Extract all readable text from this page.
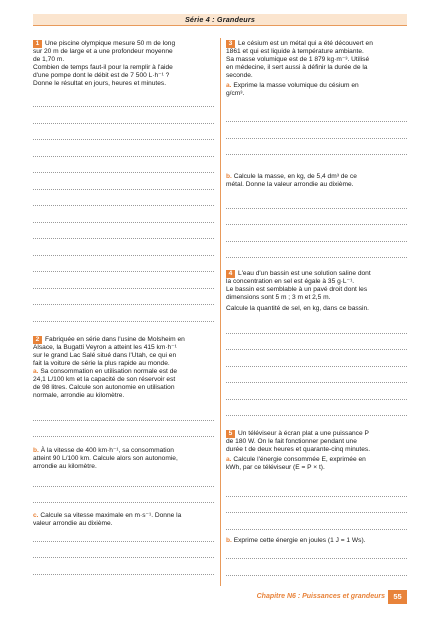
Série 4 : Grandeurs

1 Une piscine olympique mesure 50 m de long

sur 20 m de large et a une profondeur moyenne

de 1,70 m.

Combien de temps faut-il pour la remplir à l'aide

d'une pompe dont le débit est de 7 500 L·h⁻¹ ?

Donne le résultat en jours, heures et minutes.

2 Fabriquée en série dans l'usine de Molsheim en

Alsace, la Bugatti Veyron a atteint les 415 km·h⁻¹

sur le grand Lac Salé situé dans l'Utah, ce qui en

fait la voiture de série la plus rapide au monde.

a. Sa consommation en utilisation normale est de

24,1 L/100 km et la capacité de son réservoir est

de 98 litres. Calcule son autonomie en utilisation

normale, arrondie au kilomètre.

b. À la vitesse de 400 km·h⁻¹, sa consommation

atteint 90 L/100 km. Calcule alors son autonomie,

arrondie au kilomètre.

c. Calcule sa vitesse maximale en m·s⁻¹. Donne la

valeur arrondie au dixième.

3 Le césium est un métal qui a été découvert en

1861 et qui est liquide à température ambiante.

Sa masse volumique est de 1 879 kg·m⁻³. Utilisé

en médecine, il sert aussi à définir la durée de la

seconde.

a. Exprime la masse volumique du césium en

g/cm³.

b. Calcule la masse, en kg, de 5,4 dm³ de ce

métal. Donne la valeur arrondie au dixième.

4 L'eau d'un bassin est une solution saline dont

la concentration en sel est égale à 35 g·L⁻¹.

Le bassin est semblable à un pavé droit dont les

dimensions sont 5 m ; 3 m et 2,5 m.

Calcule la quantité de sel, en kg, dans ce bassin.

5 Un téléviseur à écran plat a une puissance P

de 180 W. On le fait fonctionner pendant une

durée t de deux heures et quarante-cinq minutes.

a. Calcule l'énergie consommée E, exprimée en

kWh, par ce téléviseur (E = P × t).

b. Exprime cette énergie en joules (1 J = 1 Ws).

Chapitre N6 : Puissances et grandeurs	55
